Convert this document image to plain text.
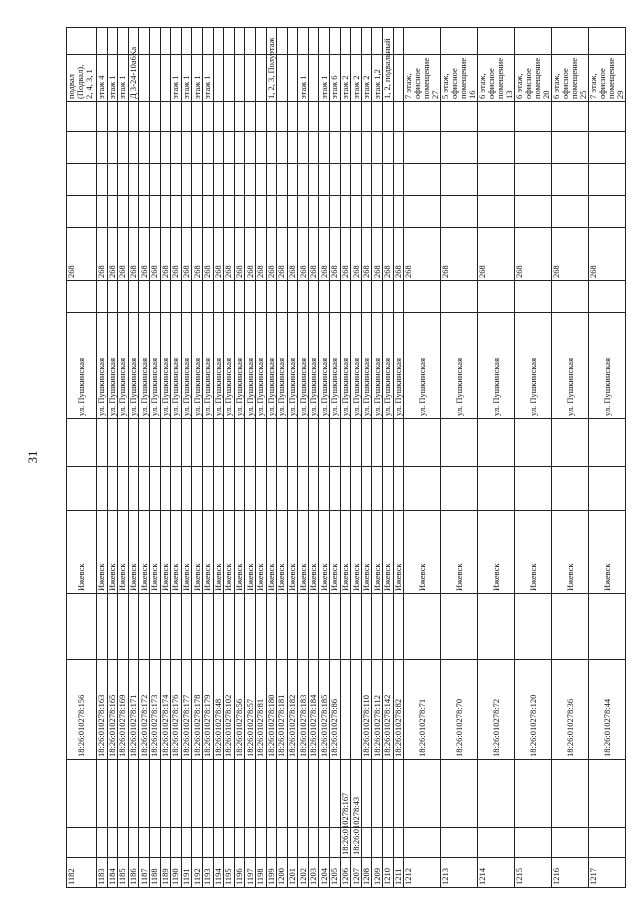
31
1182			18:26:010278:156		Ижевск			ул. Пушкинская		268					подвал (Подвал), 2, 4, 3, 1	
1183			18:26:010278:163		Ижевск			ул. Пушкинская		268					этаж 4	
1184			18:26:010278:165		Ижевск			ул. Пушкинская		268					этаж 1	
1185			18:26:010278:169		Ижевск			ул. Пушкинская		268					этаж 1	
1186			18:26:010278:171		Ижевск			ул. Пушкинская		268					Д 3-24-10а6Ка	
1187			18:26:010278:172		Ижевск			ул. Пушкинская		268						
1188			18:26:010278:173		Ижевск			ул. Пушкинская		268						
1189			18:26:010278:174		Ижевск			ул. Пушкинская		268						
1190			18:26:010278:176		Ижевск			ул. Пушкинская		268					этаж 1	
1191			18:26:010278:177		Ижевск			ул. Пушкинская		268					этаж 1	
1192			18:26:010278:178		Ижевск			ул. Пушкинская		268					этаж 1	
1193			18:26:010278:179		Ижевск			ул. Пушкинская		268					этаж 1	
1194			18:26:010278:48		Ижевск			ул. Пушкинская		268						
1195			18:26:010278:102		Ижевск			ул. Пушкинская		268						
1196			18:26:010278:56		Ижевск			ул. Пушкинская		268						
1197			18:26:010278:57		Ижевск			ул. Пушкинская		268						
1198			18:26:010278:81		Ижевск			ул. Пушкинская		268						
1199			18:26:010278:180		Ижевск			ул. Пушкинская		268					1, 2, 3, Полуэтаж	
1200			18:26:010278:181		Ижевск			ул. Пушкинская		268						
1201			18:26:010278:182		Ижевск			ул. Пушкинская		268						
1202			18:26:010278:183		Ижевск			ул. Пушкинская		268					этаж 1	
1203			18:26:010278:184		Ижевск			ул. Пушкинская		268						
1204			18:26:010278:185		Ижевск			ул. Пушкинская		268					этаж 1	
1205			18:26:010278:86		Ижевск			ул. Пушкинская		268					этаж 6	
1206	18:26:010278:167				Ижевск			ул. Пушкинская		268					этаж 2	
1207	18:26:010278:43				Ижевск			ул. Пушкинская		268					этаж 2	
1208			18:26:010278:110		Ижевск			ул. Пушкинская		268					этаж 2	
1209			18:26:010278:112		Ижевск			ул. Пушкинская		268					этаж 1,2	
1210			18:26:010278:142		Ижевск			ул. Пушкинская		268					1, 2, подвальный	
1211			18:26:010278:82		Ижевск			ул. Пушкинская		268						
1212			18:26:010278:71		Ижевск			ул. Пушкинская		268					7 этаж, офисное помещение 27	
1213			18:26:010278:70		Ижевск			ул. Пушкинская		268					5 этаж, офисное помещение 16	
1214			18:26:010278:72		Ижевск			ул. Пушкинская		268					6 этаж, офисное помещение 13	
1215			18:26:010278:120		Ижевск			ул. Пушкинская		268					6 этаж, офисное помещение 20	
1216			18:26:010278:36		Ижевск			ул. Пушкинская		268					6 этаж, офисное помещение 25	
1217			18:26:010278:44		Ижевск			ул. Пушкинская		268					7 этаж, офисное помещение 29	
